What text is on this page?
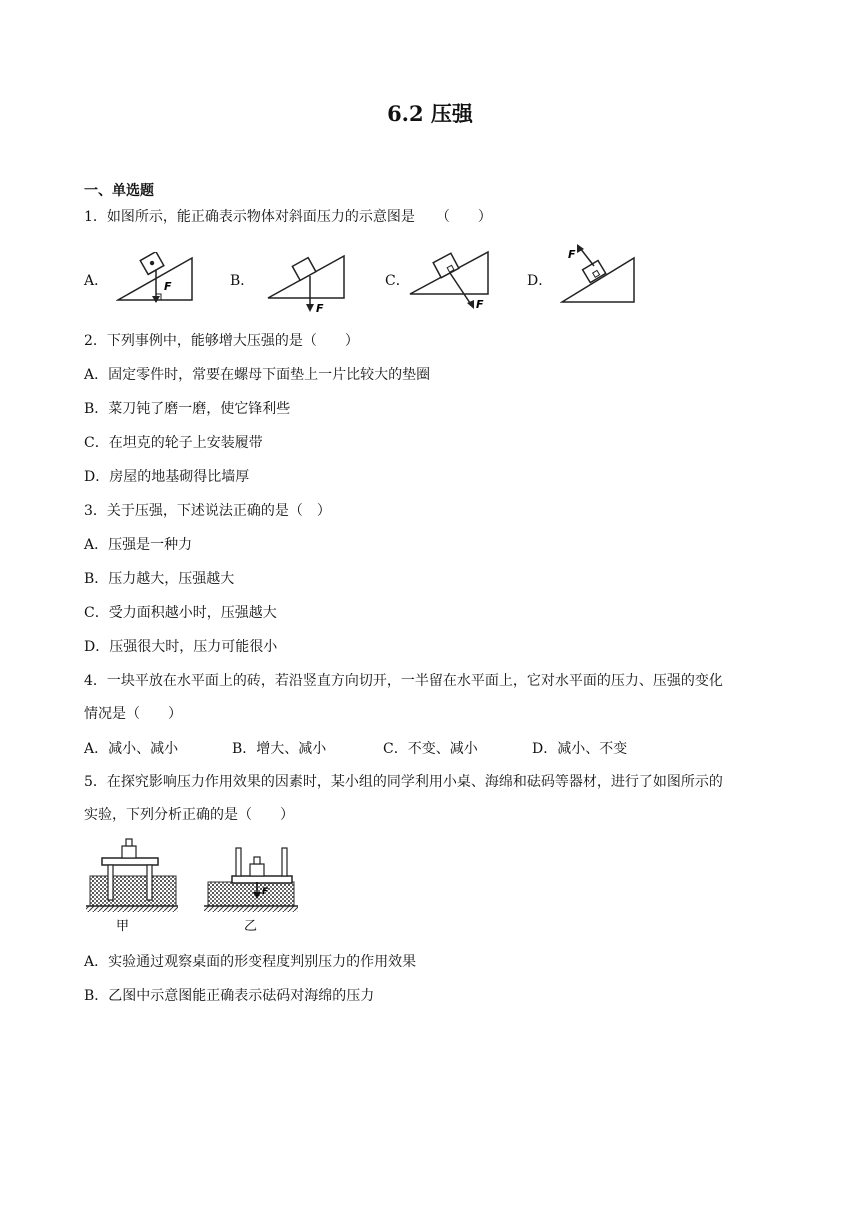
6.2 压强
一、单选题
1．如图所示，能正确表示物体对斜面压力的示意图是　　（　　）
A．	F	B．
F
C．
F
D．
F
2．下列事例中，能够增大压强的是（　　）
A．固定零件时，常要在螺母下面垫上一片比较大的垫圈
B．菜刀钝了磨一磨，使它锋利些
C．在坦克的轮子上安装履带
D．房屋的地基砌得比墙厚
3．关于压强，下述说法正确的是（　）
A．压强是一种力
B．压力越大，压强越大
C．受力面积越小时，压强越大
D．压强很大时，压力可能很小
4．一块平放在水平面上的砖，若沿竖直方向切开，一半留在水平面上，它对水平面的压力、压强的变化
情况是（　　）
A．减小、减小	B．增大、减小	C．不变、减小	D．减小、不变
5．在探究影响压力作用效果的因素时，某小组的同学利用小桌、海绵和砝码等器材，进行了如图所示的
实验，下列分析正确的是（　　）
甲
F
乙
A．实验通过观察桌面的形变程度判别压力的作用效果
B．乙图中示意图能正确表示砝码对海绵的压力
